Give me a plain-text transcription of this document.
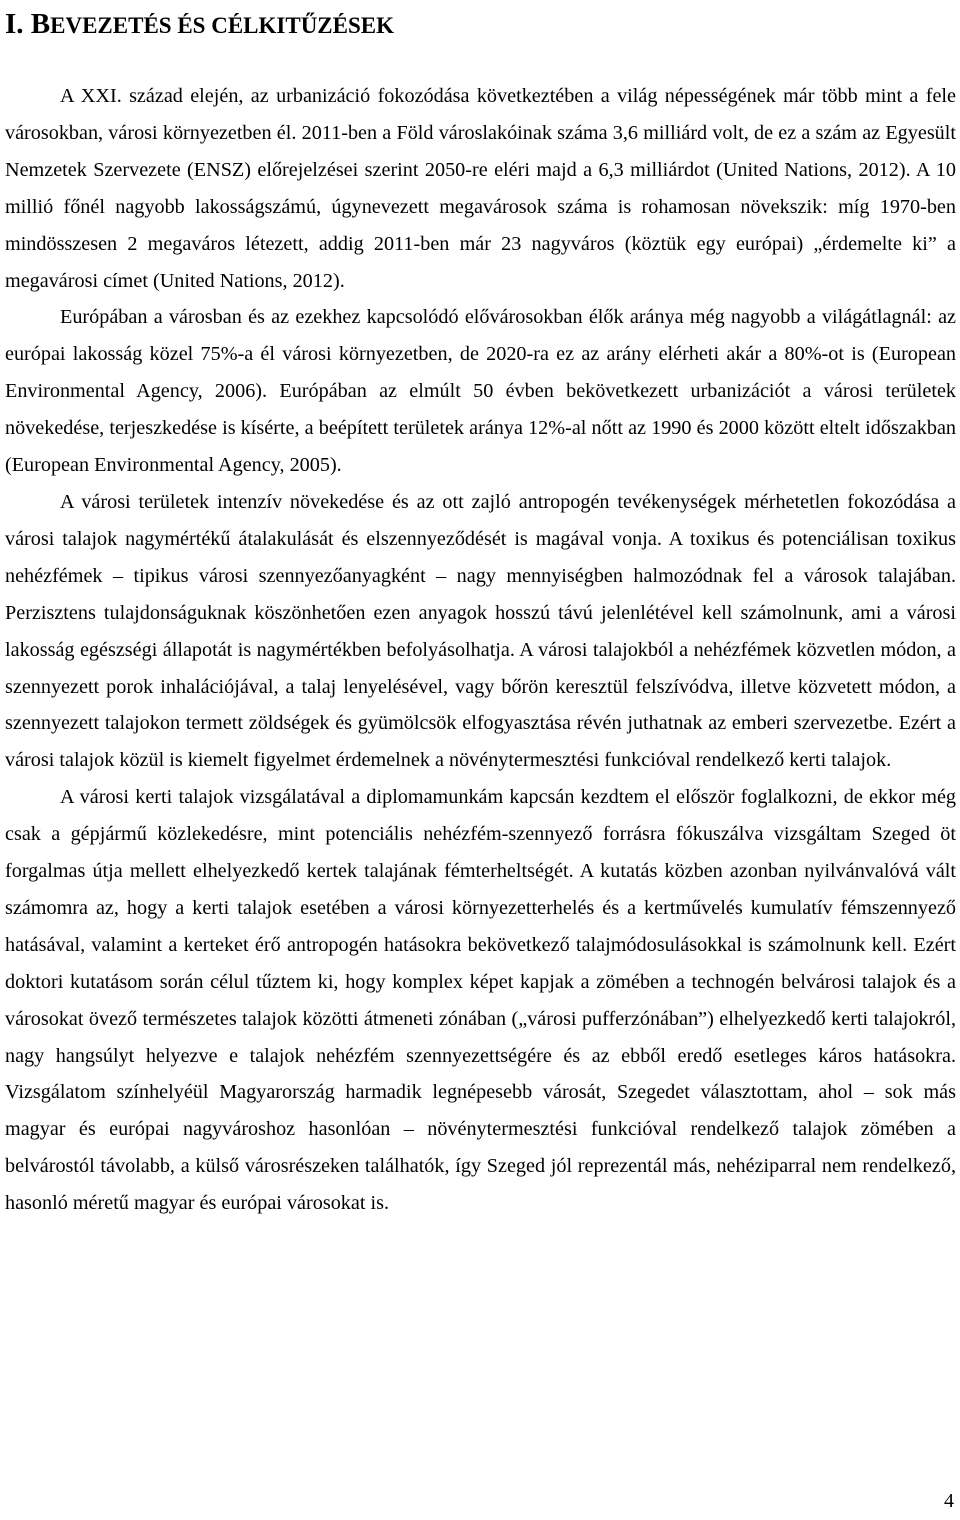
I. BEVEZETÉS ÉS CÉLKITŰZÉSEK

A XXI. század elején, az urbanizáció fokozódása következtében a világ népességének már több mint a fele városokban, városi környezetben él. 2011-ben a Föld városlakóinak száma 3,6 milliárd volt, de ez a szám az Egyesült Nemzetek Szervezete (ENSZ) előrejelzései szerint 2050-re eléri majd a 6,3 milliárdot (United Nations, 2012). A 10 millió főnél nagyobb lakosságszámú, úgynevezett megavárosok száma is rohamosan növekszik: míg 1970-ben mindösszesen 2 megaváros létezett, addig 2011-ben már 23 nagyváros (köztük egy európai) „érdemelte ki” a megavárosi címet (United Nations, 2012).

Európában a városban és az ezekhez kapcsolódó elővárosokban élők aránya még nagyobb a világátlagnál: az európai lakosság közel 75%-a él városi környezetben, de 2020-ra ez az arány elérheti akár a 80%-ot is (European Environmental Agency, 2006). Európában az elmúlt 50 évben bekövetkezett urbanizációt a városi területek növekedése, terjeszkedése is kísérte, a beépített területek aránya 12%-al nőtt az 1990 és 2000 között eltelt időszakban (European Environmental Agency, 2005).

A városi területek intenzív növekedése és az ott zajló antropogén tevékenységek mérhetetlen fokozódása a városi talajok nagymértékű átalakulását és elszennyeződését is magával vonja. A toxikus és potenciálisan toxikus nehézfémek – tipikus városi szennyezőanyagként – nagy mennyiségben halmozódnak fel a városok talajában. Perzisztens tulajdonságuknak köszönhetően ezen anyagok hosszú távú jelenlétével kell számolnunk, ami a városi lakosság egészségi állapotát is nagymértékben befolyásolhatja. A városi talajokból a nehézfémek közvetlen módon, a szennyezett porok inhalációjával, a talaj lenyelésével, vagy bőrön keresztül felszívódva, illetve közvetett módon, a szennyezett talajokon termett zöldségek és gyümölcsök elfogyasztása révén juthatnak az emberi szervezetbe. Ezért a városi talajok közül is kiemelt figyelmet érdemelnek a növénytermesztési funkcióval rendelkező kerti talajok.

A városi kerti talajok vizsgálatával a diplomamunkám kapcsán kezdtem el először foglalkozni, de ekkor még csak a gépjármű közlekedésre, mint potenciális nehézfém-szennyező forrásra fókuszálva vizsgáltam Szeged öt forgalmas útja mellett elhelyezkedő kertek talajának fémterheltségét. A kutatás közben azonban nyilvánvalóvá vált számomra az, hogy a kerti talajok esetében a városi környezetterhelés és a kertművelés kumulatív fémszennyező hatásával, valamint a kerteket érő antropogén hatásokra bekövetkező talajmódosulásokkal is számolnunk kell. Ezért doktori kutatásom során célul tűztem ki, hogy komplex képet kapjak a zömében a technogén belvárosi talajok és a városokat övező természetes talajok közötti átmeneti zónában („városi pufferzónában”) elhelyezkedő kerti talajokról, nagy hangsúlyt helyezve e talajok nehézfém szennyezettségére és az ebből eredő esetleges káros hatásokra. Vizsgálatom színhelyéül Magyarország harmadik legnépesebb városát, Szegedet választottam, ahol – sok más magyar és európai nagyvároshoz hasonlóan – növénytermesztési funkcióval rendelkező talajok zömében a belvárostól távolabb, a külső városrészeken találhatók, így Szeged jól reprezentál más, nehéziparral nem rendelkező, hasonló méretű magyar és európai városokat is.

4
